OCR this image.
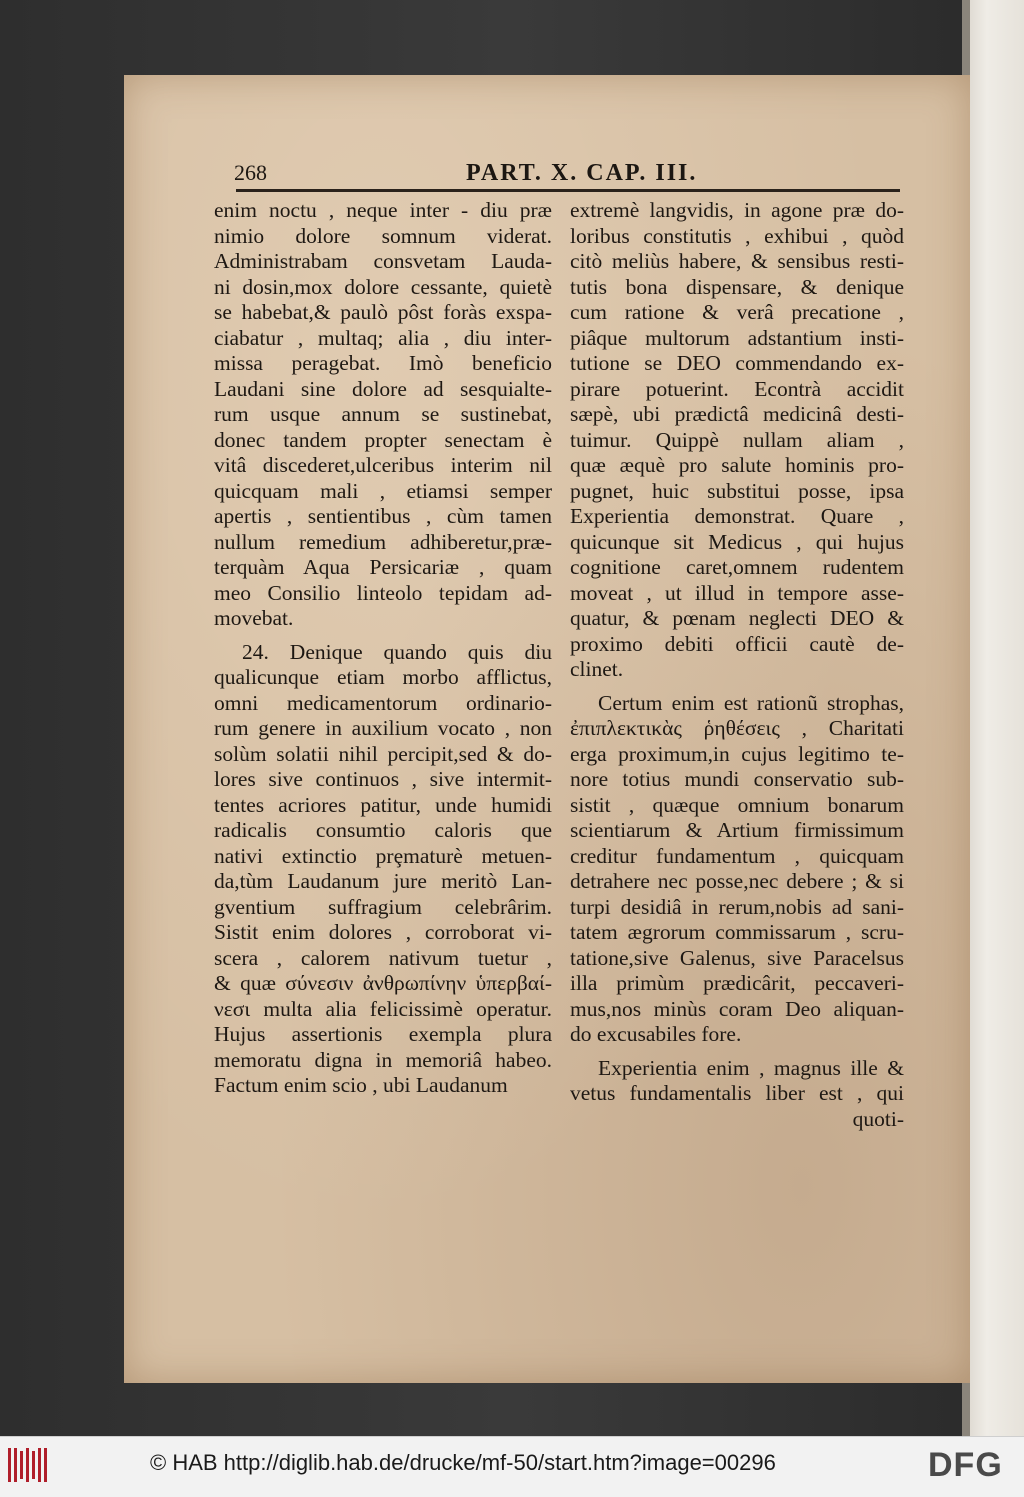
268	PART. X. CAP. III.
enim noctu , neque inter - diu præ
nimio dolore somnum viderat.
Administrabam consvetam Lauda-
ni dosin,mox dolore cessante, quietè
se habebat,& paulò pôst foràs exspa-
ciabatur , multaq; alia , diu inter-
missa peragebat. Imò beneficio
Laudani sine dolore ad sesquialte-
rum usque annum se sustinebat,
donec tandem propter senectam è
vitâ discederet,ulceribus interim nil
quicquam mali , etiamsi semper
apertis , sentientibus , cùm tamen
nullum remedium adhiberetur,præ-
terquàm Aqua Persicariæ , quam
meo Consilio linteolo tepidam ad-
movebat.
24. Denique quando quis diu
qualicunque etiam morbo afflictus,
omni medicamentorum ordinario-
rum genere in auxilium vocato , non
solùm solatii nihil percipit,sed & do-
lores sive continuos , sive intermit-
tentes acriores patitur, unde humidi
radicalis consumtio caloris que
nativi extinctio prȩmaturè metuen-
da,tùm Laudanum jure meritò Lan-
gventium suffragium celebrârim.
Sistit enim dolores , corroborat vi-
scera , calorem nativum tuetur ,
& quæ σύνεσιν ἀνθρωπίνην ὑπερβαί-
νεσι multa alia felicissimè operatur.
Hujus assertionis exempla plura
memoratu digna in memoriâ habeo.
Factum enim scio , ubi Laudanum
extremè langvidis, in agone præ do-
loribus constitutis , exhibui , quòd
citò meliùs habere, & sensibus resti-
tutis bona dispensare, & denique
cum ratione & verâ precatione ,
piâque multorum adstantium insti-
tutione se DEO commendando ex-
pirare potuerint. Econtrà accidit
sæpè, ubi prædictâ medicinâ desti-
tuimur. Quippè nullam aliam ,
quæ æquè pro salute hominis pro-
pugnet, huic substitui posse, ipsa
Experientia demonstrat. Quare ,
quicunque sit Medicus , qui hujus
cognitione caret,omnem rudentem
moveat , ut illud in tempore asse-
quatur, & pœnam neglecti DEO &
proximo debiti officii cautè de-
clinet.
Certum enim est rationũ strophas,
ἐπιπλεκτικὰς ῥηθέσεις , Charitati
erga proximum,in cujus legitimo te-
nore totius mundi conservatio sub-
sistit , quæque omnium bonarum
scientiarum & Artium firmissimum
creditur fundamentum , quicquam
detrahere nec posse,nec debere ; & si
turpi desidiâ in rerum,nobis ad sani-
tatem ægrorum commissarum , scru-
tatione,sive Galenus, sive Paracelsus
illa primùm prædicârit, peccaveri-
mus,nos minùs coram Deo aliquan-
do excusabiles fore.
Experientia enim , magnus ille &
vetus fundamentalis liber est , qui
quoti-
© HAB http://diglib.hab.de/drucke/mf-50/start.htm?image=00296	DFG
